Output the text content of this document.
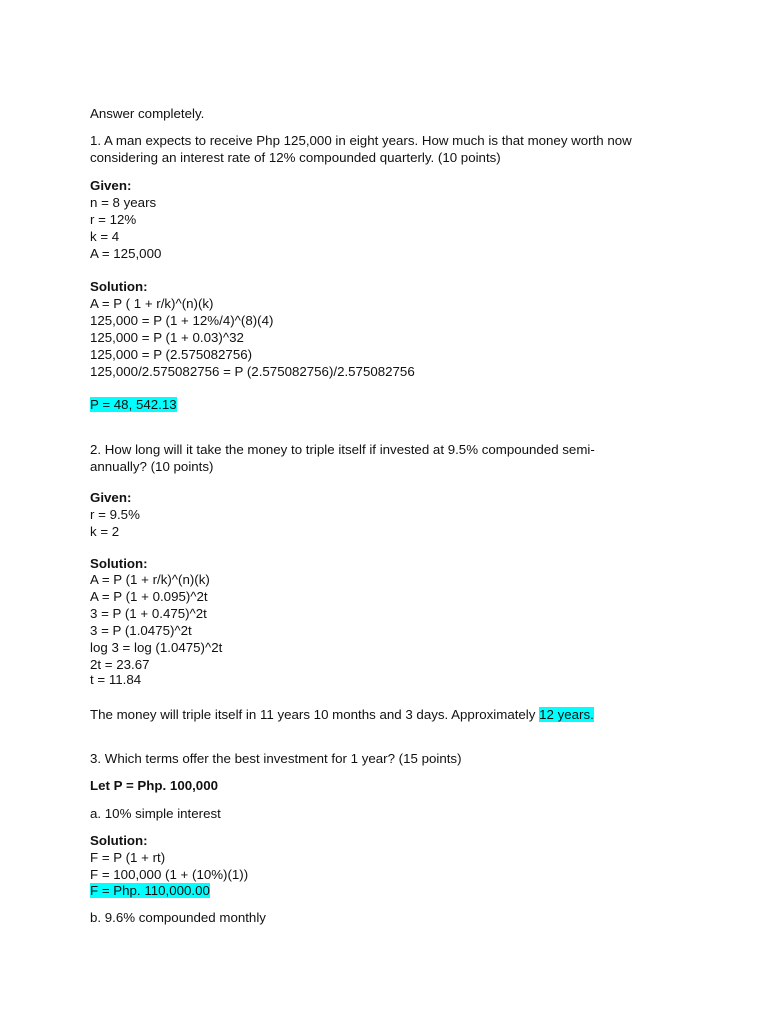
Answer completely.
1. A man expects to receive Php 125,000 in eight years. How much is that money worth now
considering an interest rate of 12% compounded quarterly. (10 points)
Given:
n = 8 years
r = 12%
k = 4
A = 125,000
Solution:
A = P ( 1 + r/k)^(n)(k)
125,000 = P (1 + 12%/4)^(8)(4)
125,000 = P (1 + 0.03)^32
125,000 = P (2.575082756)
125,000/2.575082756 = P (2.575082756)/2.575082756
P = 48, 542.13
2. How long will it take the money to triple itself if invested at 9.5% compounded semi-
annually? (10 points)
Given:
r = 9.5%
k = 2
Solution:
A = P (1 + r/k)^(n)(k)
A = P (1 + 0.095)^2t
3 = P (1 + 0.475)^2t
3 = P (1.0475)^2t
log 3 = log (1.0475)^2t
2t = 23.67
t = 11.84
The money will triple itself in 11 years 10 months and 3 days. Approximately 12 years.
3. Which terms offer the best investment for 1 year? (15 points)
Let P = Php. 100,000
a. 10% simple interest
Solution:
F = P (1 + rt)
F = 100,000 (1 + (10%)(1))
F = Php. 110,000.00
b. 9.6% compounded monthly
